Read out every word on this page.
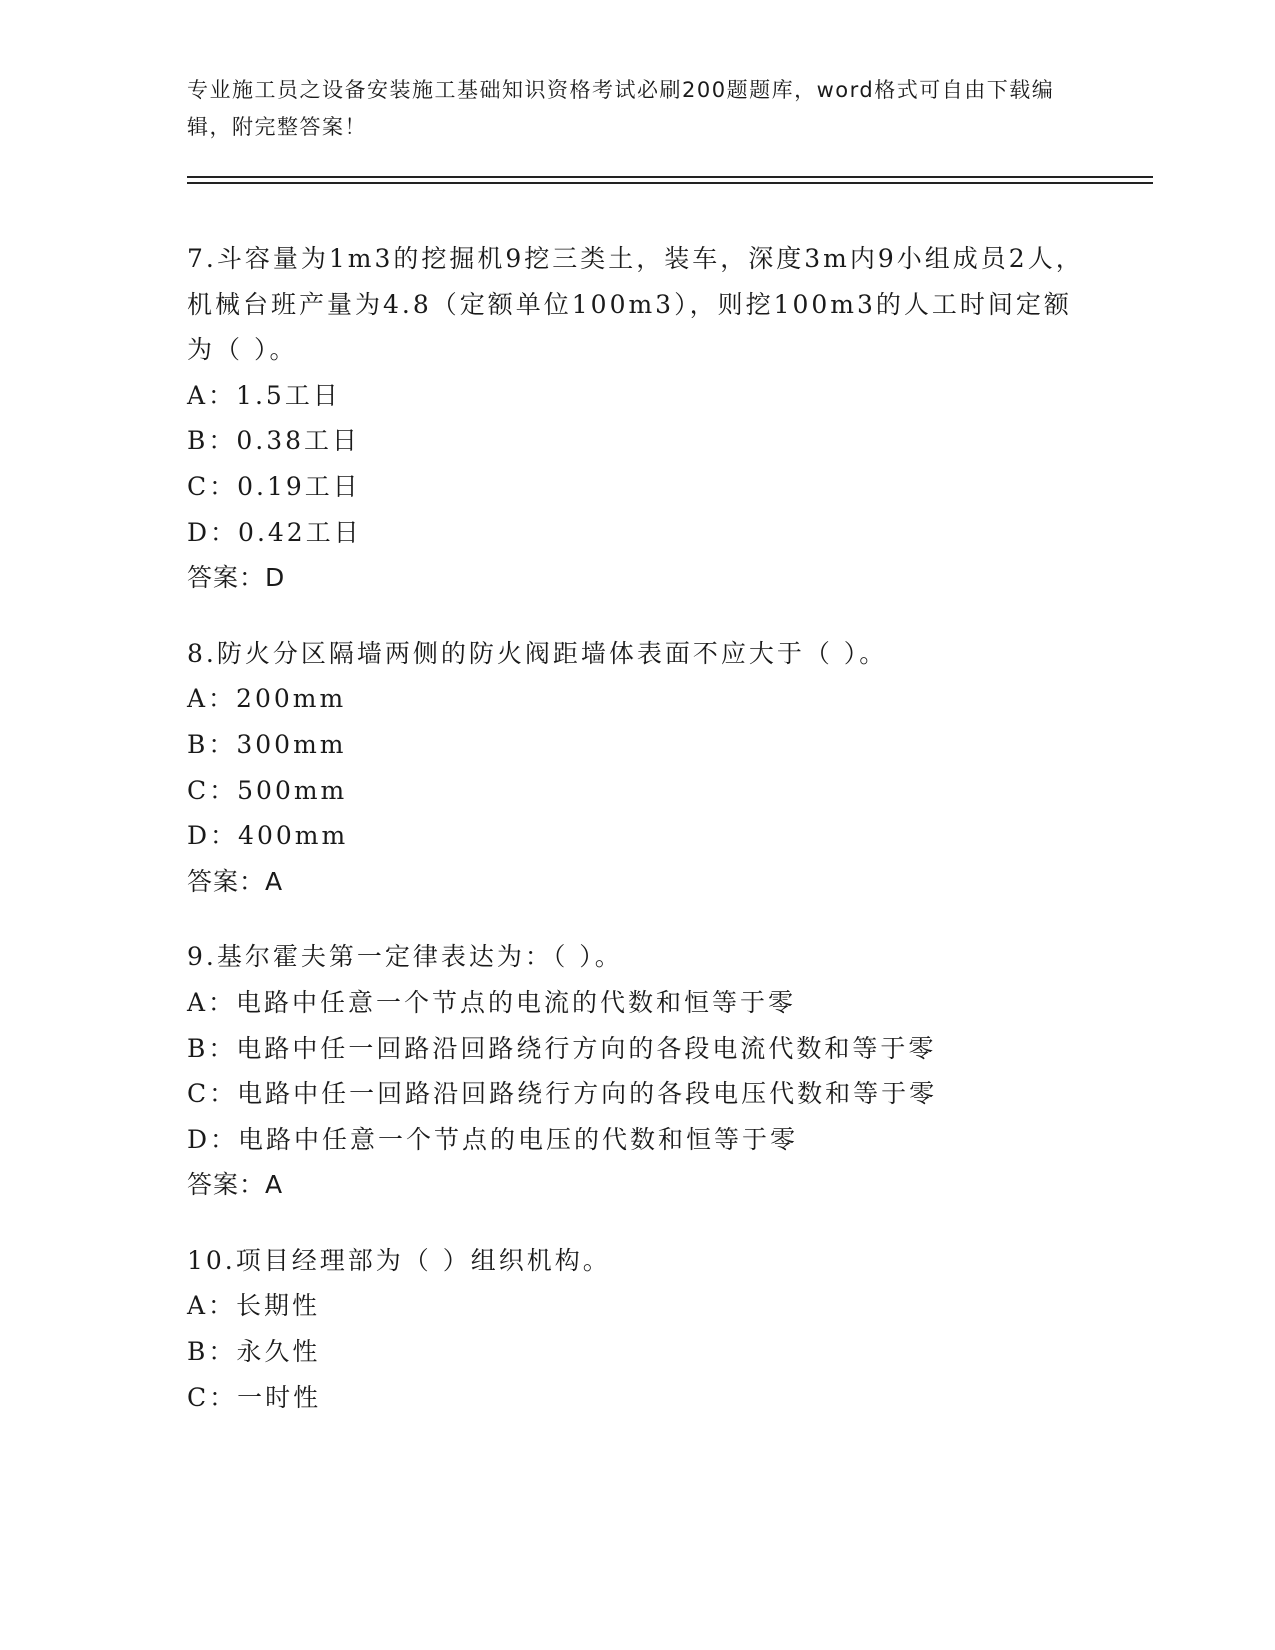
专业施工员之设备安装施工基础知识资格考试必刷200题题库，word格式可自由下载编辑，附完整答案！
7.斗容量为1m3的挖掘机9挖三类土，装车，深度3m内9小组成员2人，机械台班产量为4.8（定额单位100m3），则挖100m3的人工时间定额为（ ）。
A：1.5工日
B：0.38工日
C：0.19工日
D：0.42工日
答案：D
8.防火分区隔墙两侧的防火阀距墙体表面不应大于（ ）。
A：200mm
B：300mm
C：500mm
D：400mm
答案：A
9.基尔霍夫第一定律表达为：（ ）。
A：电路中任意一个节点的电流的代数和恒等于零
B：电路中任一回路沿回路绕行方向的各段电流代数和等于零
C：电路中任一回路沿回路绕行方向的各段电压代数和等于零
D：电路中任意一个节点的电压的代数和恒等于零
答案：A
10.项目经理部为（ ）组织机构。
A：长期性
B：永久性
C：一时性
